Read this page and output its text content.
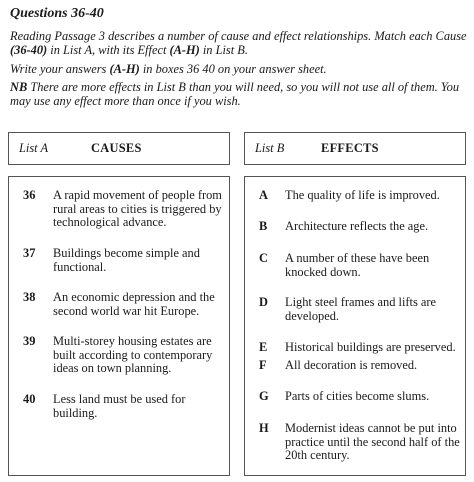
Questions 36-40
Reading Passage 3 describes a number of cause and effect relationships. Match each Cause (36-40) in List A, with its Effect (A-H) in List B.
Write your answers (A-H) in boxes 36 40 on your answer sheet.
NB There are more effects in List B than you will need, so you will not use all of them. You may use any effect more than once if you wish.
List A	CAUSES	List B	EFFECTS
36 A rapid movement of people from rural areas to cities is triggered by technological advance.
37 Buildings become simple and functional.
38 An economic depression and the second world war hit Europe.
39 Multi-storey housing estates are built according to contemporary ideas on town planning.
40 Less land must be used for building.
A The quality of life is improved.
B Architecture reflects the age.
C A number of these have been knocked down.
D Light steel frames and lifts are developed.
E Historical buildings are preserved.
F All decoration is removed.
G Parts of cities become slums.
H Modernist ideas cannot be put into practice until the second half of the 20th century.
